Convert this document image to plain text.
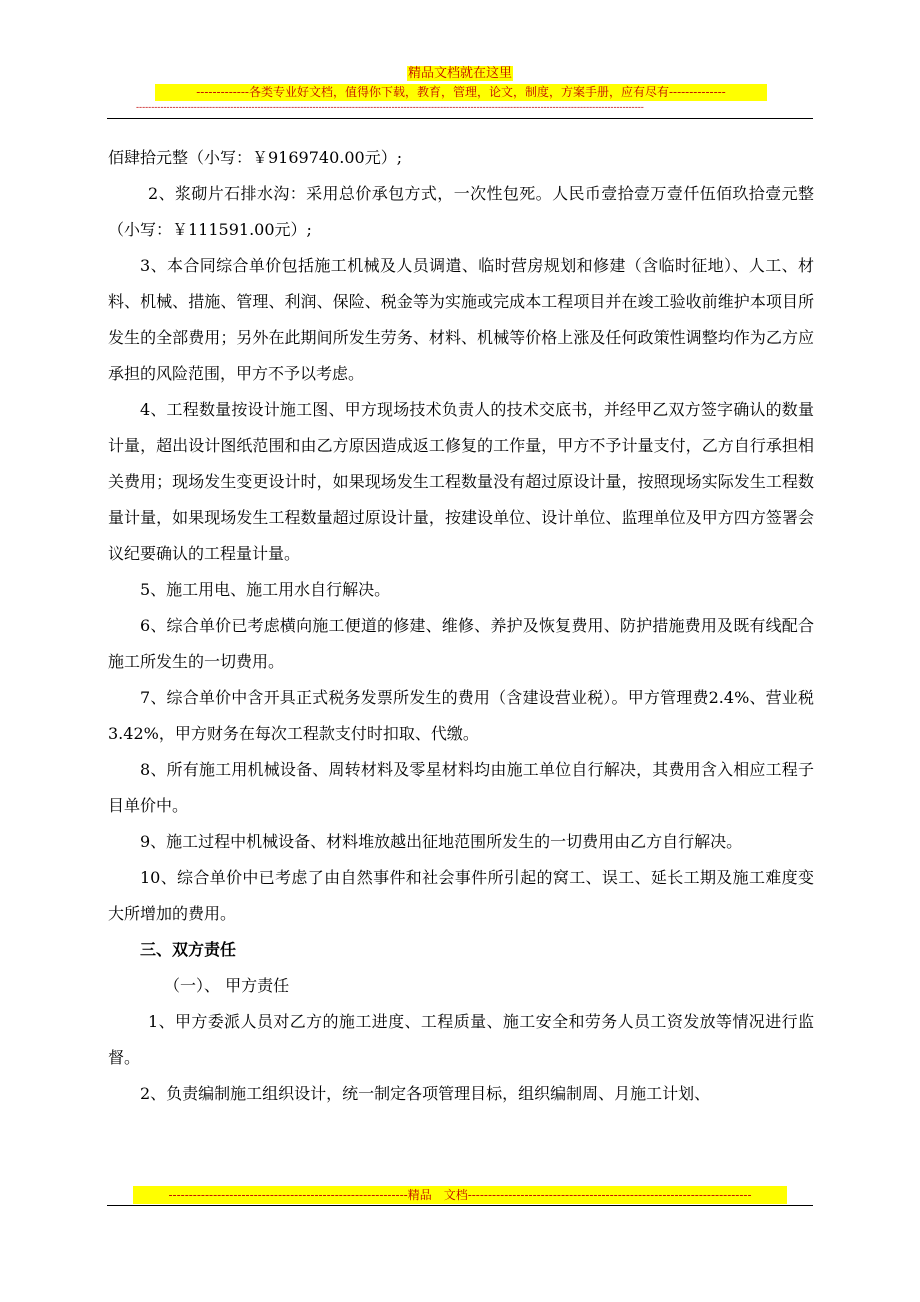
精品文档就在这里
-------------各类专业好文档，值得你下载，教育，管理，论文，制度，方案手册，应有尽有--------------
-----------------------------------------------------------------------------------------------------------------------------------------------------------------------

佰肆拾元整（小写：￥9169740.00元）;

2、浆砌片石排水沟：采用总价承包方式，一次性包死。人民币壹拾壹万壹仟伍佰玖拾壹元整（小写：￥111591.00元）;

3、本合同综合单价包括施工机械及人员调遣、临时营房规划和修建（含临时征地）、人工、材料、机械、措施、管理、利润、保险、税金等为实施或完成本工程项目并在竣工验收前维护本项目所发生的全部费用；另外在此期间所发生劳务、材料、机械等价格上涨及任何政策性调整均作为乙方应承担的风险范围，甲方不予以考虑。

4、工程数量按设计施工图、甲方现场技术负责人的技术交底书，并经甲乙双方签字确认的数量计量，超出设计图纸范围和由乙方原因造成返工修复的工作量，甲方不予计量支付，乙方自行承担相关费用；现场发生变更设计时，如果现场发生工程数量没有超过原设计量，按照现场实际发生工程数量计量，如果现场发生工程数量超过原设计量，按建设单位、设计单位、监理单位及甲方四方签署会议纪要确认的工程量计量。

5、施工用电、施工用水自行解决。

6、综合单价已考虑横向施工便道的修建、维修、养护及恢复费用、防护措施费用及既有线配合施工所发生的一切费用。

7、综合单价中含开具正式税务发票所发生的费用（含建设营业税）。甲方管理费2.4%、营业税3.42%，甲方财务在每次工程款支付时扣取、代缴。

8、所有施工用机械设备、周转材料及零星材料均由施工单位自行解决，其费用含入相应工程子目单价中。

9、施工过程中机械设备、材料堆放越出征地范围所发生的一切费用由乙方自行解决。

10、综合单价中已考虑了由自然事件和社会事件所引起的窝工、误工、延长工期及施工难度变大所增加的费用。

三、双方责任

（一）、 甲方责任

1、甲方委派人员对乙方的施工进度、工程质量、施工安全和劳务人员工资发放等情况进行监督。

2、负责编制施工组织设计，统一制定各项管理目标，组织编制周、月施工计划、

-----------------------------------------------------------精品　文档----------------------------------------------------------------------
